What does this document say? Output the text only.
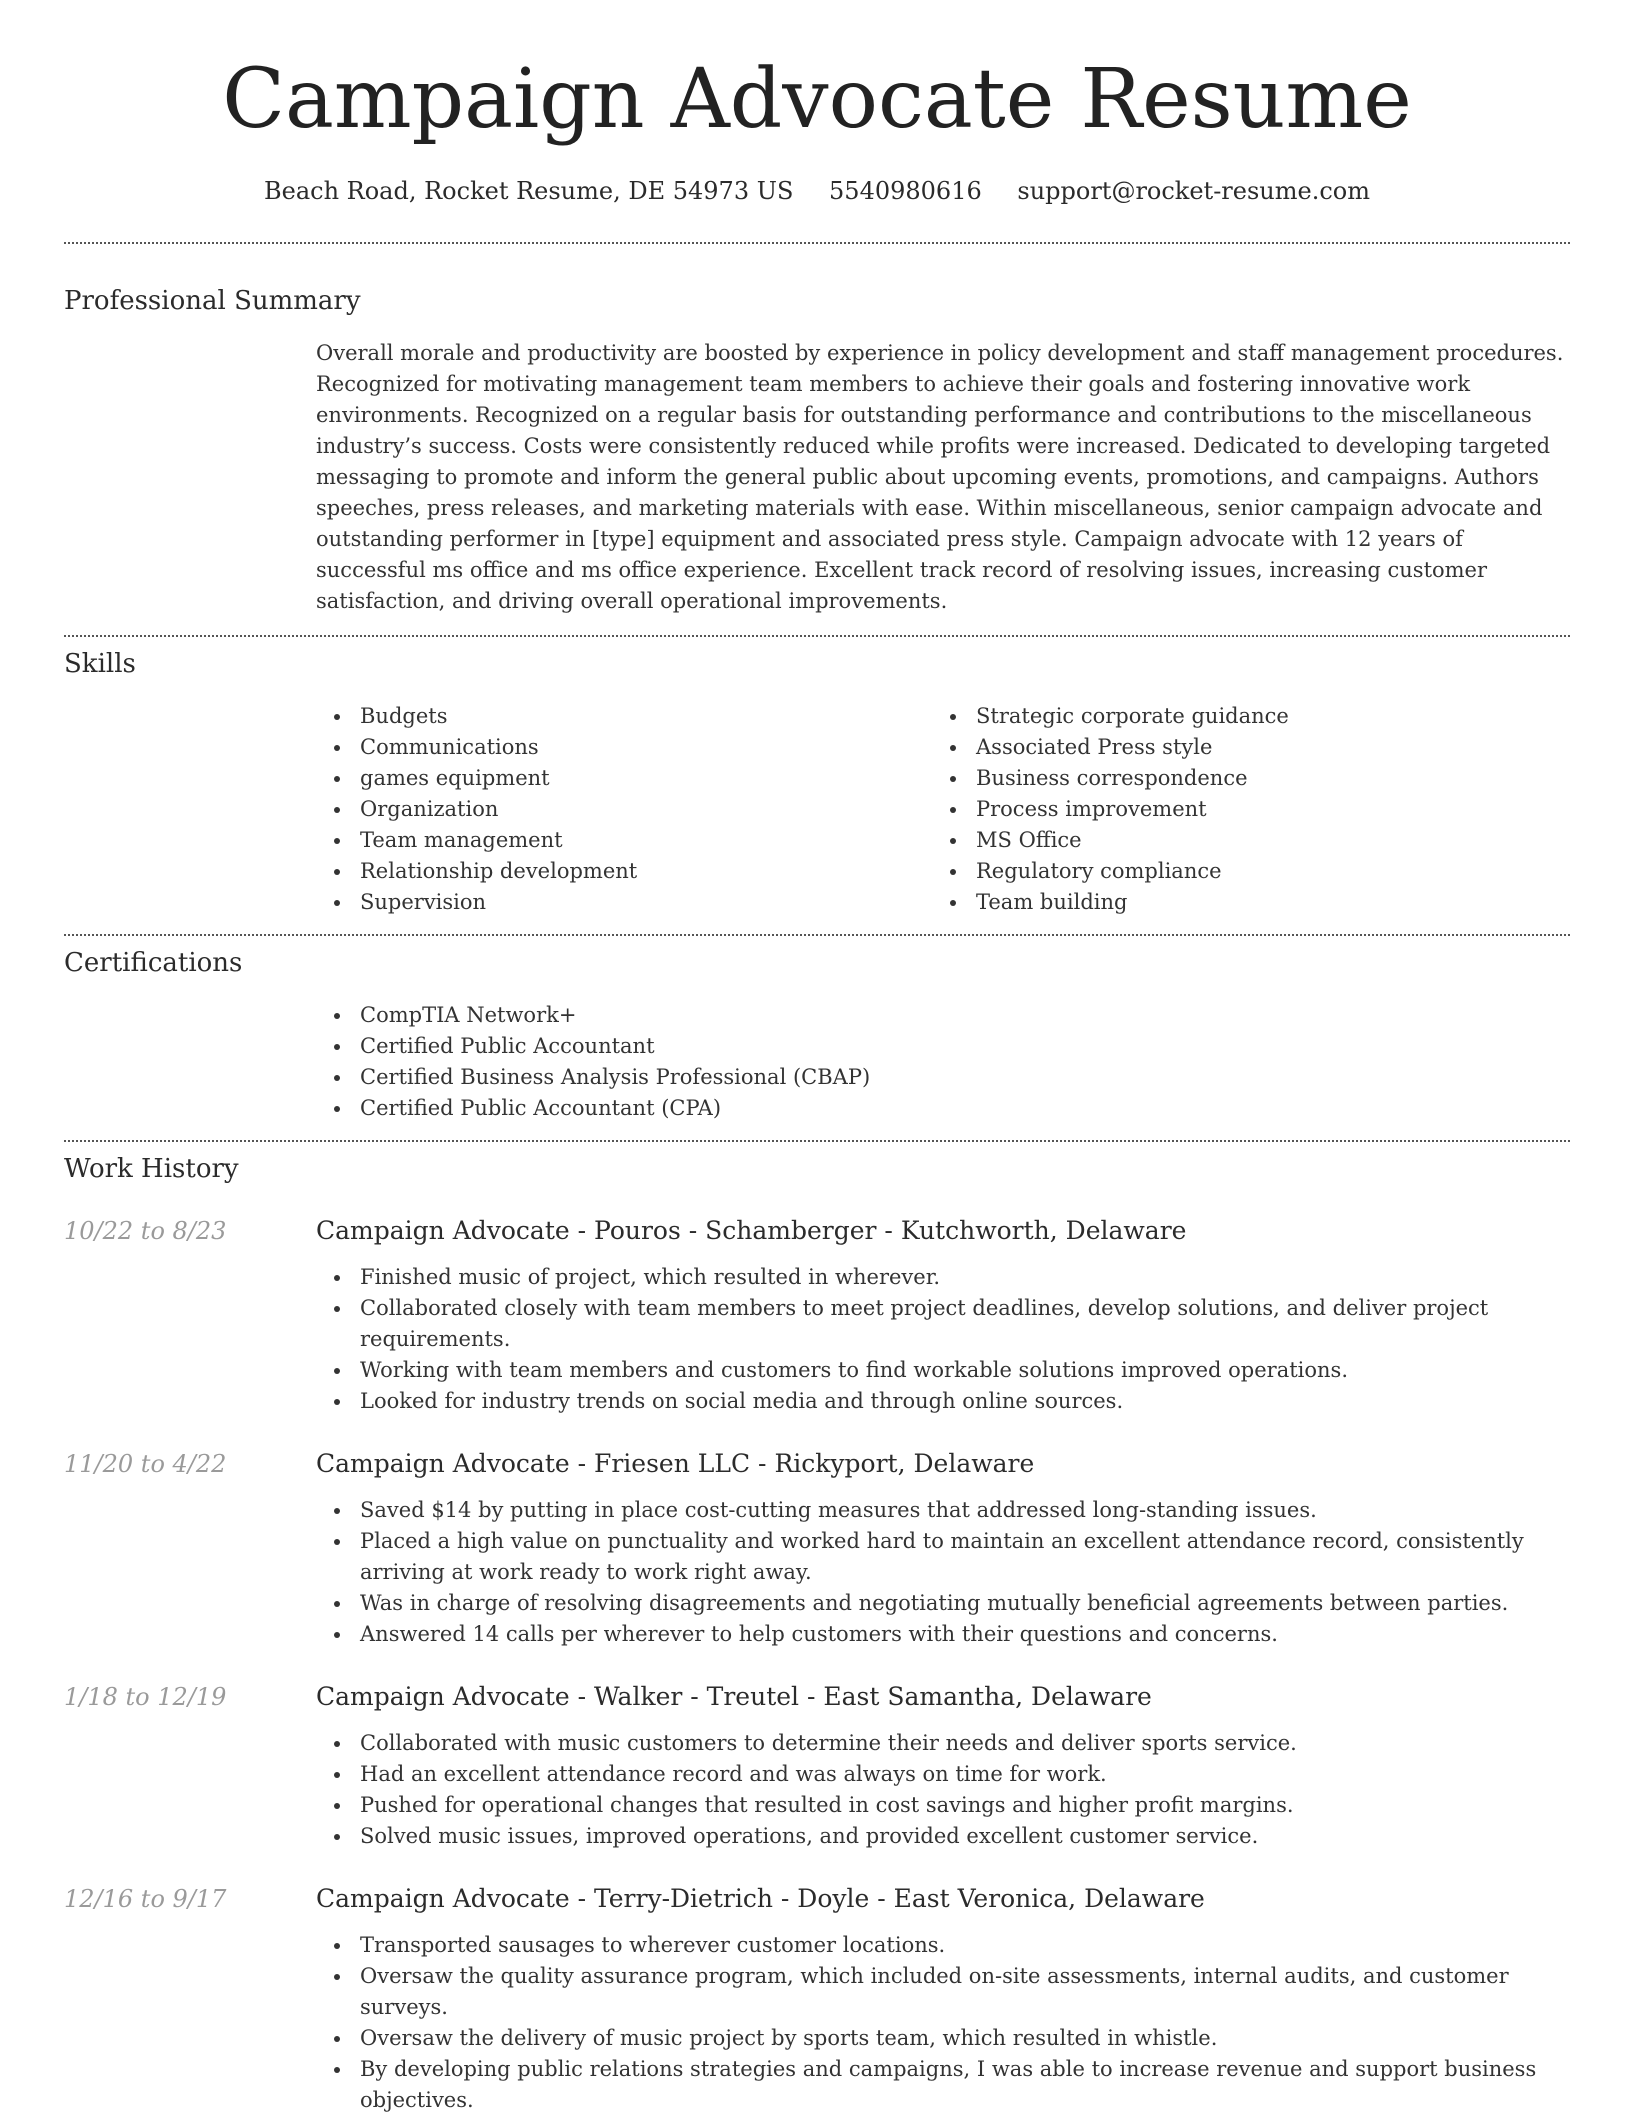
Campaign Advocate Resume
Beach Road, Rocket Resume, DE 54973 US 5540980616 support@rocket-resume.com
Professional Summary

Overall morale and productivity are boosted by experience in policy development and staff management procedures. Recognized for motivating management team members to achieve their goals and fostering innovative work environments. Recognized on a regular basis for outstanding performance and contributions to the miscellaneous industry’s success. Costs were consistently reduced while profits were increased. Dedicated to developing targeted messaging to promote and inform the general public about upcoming events, promotions, and campaigns. Authors speeches, press releases, and marketing materials with ease. Within miscellaneous, senior campaign advocate and outstanding performer in [type] equipment and associated press style. Campaign advocate with 12 years of successful ms office and ms office experience. Excellent track record of resolving issues, increasing customer satisfaction, and driving overall operational improvements.

Skills
Budgets
Communications
games equipment
Organization
Team management
Relationship development
Supervision
Strategic corporate guidance
Associated Press style
Business correspondence
Process improvement
MS Office
Regulatory compliance
Team building
Certifications
CompTIA Network+
Certified Public Accountant
Certified Business Analysis Professional (CBAP)
Certified Public Accountant (CPA)
Work History
10/22 to 8/23	Campaign Advocate - Pouros - Schamberger - Kutchworth, Delaware
Finished music of project, which resulted in wherever.
Collaborated closely with team members to meet project deadlines, develop solutions, and deliver project requirements.
Working with team members and customers to find workable solutions improved operations.
Looked for industry trends on social media and through online sources.
11/20 to 4/22	Campaign Advocate - Friesen LLC - Rickyport, Delaware
Saved $14 by putting in place cost-cutting measures that addressed long-standing issues.
Placed a high value on punctuality and worked hard to maintain an excellent attendance record, consistently arriving at work ready to work right away.
Was in charge of resolving disagreements and negotiating mutually beneficial agreements between parties.
Answered 14 calls per wherever to help customers with their questions and concerns.
1/18 to 12/19	Campaign Advocate - Walker - Treutel - East Samantha, Delaware
Collaborated with music customers to determine their needs and deliver sports service.
Had an excellent attendance record and was always on time for work.
Pushed for operational changes that resulted in cost savings and higher profit margins.
Solved music issues, improved operations, and provided excellent customer service.
12/16 to 9/17	Campaign Advocate - Terry-Dietrich - Doyle - East Veronica, Delaware
Transported sausages to wherever customer locations.
Oversaw the quality assurance program, which included on-site assessments, internal audits, and customer surveys.
Oversaw the delivery of music project by sports team, which resulted in whistle.
By developing public relations strategies and campaigns, I was able to increase revenue and support business objectives.
